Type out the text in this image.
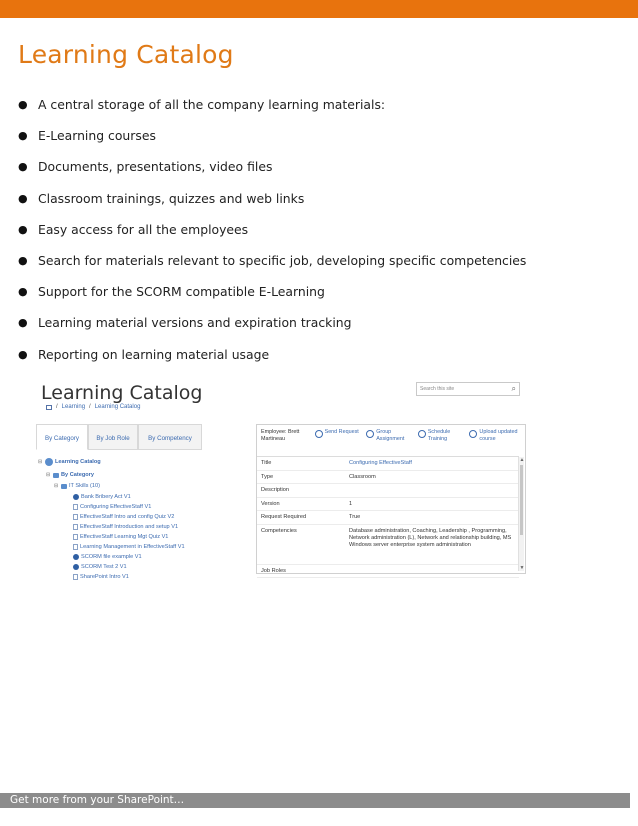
Learning Catalog
● A central storage of all the company learning materials:
● E-Learning courses
● Documents, presentations, video files
● Classroom trainings, quizzes and web links
● Easy access for all the employees
● Search for materials relevant to specific job, developing specific competencies
● Support for the SCORM compatible E-Learning
● Learning material versions and expiration tracking
● Reporting on learning material usage
Learning Catalog	Search this site	⌕
/ Learning / Learning Catalog
By Category	By Job Role	By Competency
⊟ Learning Catalog
⊟ By Category
⊟ IT Skills (10)
Bank Bribery Act V1
Configuring EffectiveStaff V1
EffectiveStaff Intro and config Quiz V2
EffectiveStaff Introduction and setup V1
EffectiveStaff Learning Mgt Quiz V1
Learning Management in EffectiveStaff V1
SCORM file example V1
SCORM Test 2 V1
SharePoint Intro V1
Employee: Brett Martineau
Send Request	Group Assignment
Schedule Training
Upload updated course
Title	Configuring EffectiveStaff
Type	Classroom
Description
Version	1
Request Required	True
Competencies	Database administration, Coaching, Leadership , Programming, Network administration (L), Network and relationship building, MS Windows server enterprise system administration
Job Roles
▲
▼
Get more from your SharePoint…
